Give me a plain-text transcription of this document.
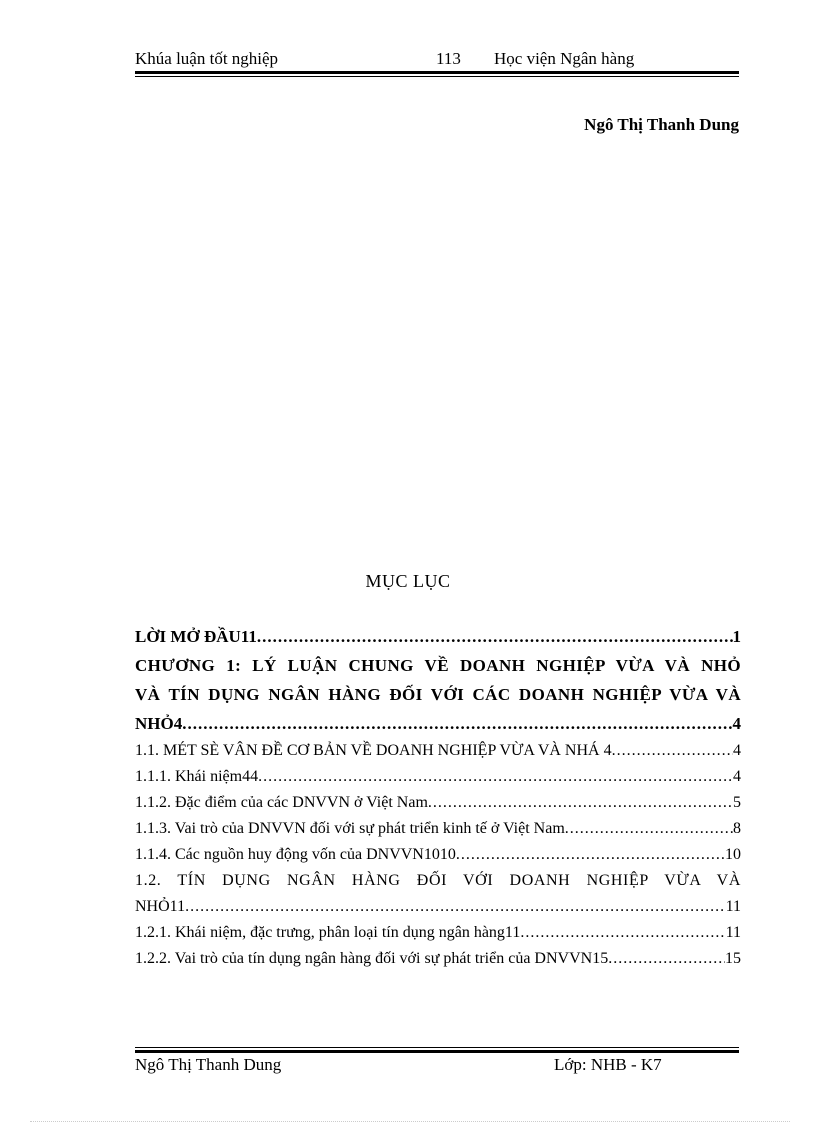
Khúa luận tốt nghiệp	113 Học viện Ngân hàng
Ngô Thị Thanh Dung
MỤC LỤC
LỜI MỞ ĐẦU11 .....	1
CHƯƠNG 1: LÝ LUẬN CHUNG VỀ DOANH NGHIỆP VỪA VÀ NHỎ
VÀ TÍN DỤNG NGÂN HÀNG ĐỐI VỚI CÁC DOANH NGHIỆP VỪA VÀ
NHỎ4 .....	4
1.1. MÉT SÈ VÂN ĐỀ CƠ BẢN VỀ DOANH NGHIỆP VỪA VÀ NHÁ 4 .....	4
1.1.1. Khái niệm44 .....	4
1.1.2. Đặc điểm của các DNVVN ở Việt Nam .....	5
1.1.3. Vai trò của DNVVN đối với sự phát triển kinh tế ở Việt Nam .....	8
1.1.4. Các nguồn huy động vốn của DNVVN1010 .....	10
1.2. TÍN DỤNG NGÂN HÀNG ĐỐI VỚI DOANH NGHIỆP VỪA VÀ
NHỎ11 .....	11
1.2.1. Khái niệm, đặc trưng, phân loại tín dụng ngân hàng11 .....	11
1.2.2. Vai trò của tín dụng ngân hàng đối với sự phát triển của DNVVN15 .....	15
Ngô Thị Thanh Dung	Lớp: NHB - K7
